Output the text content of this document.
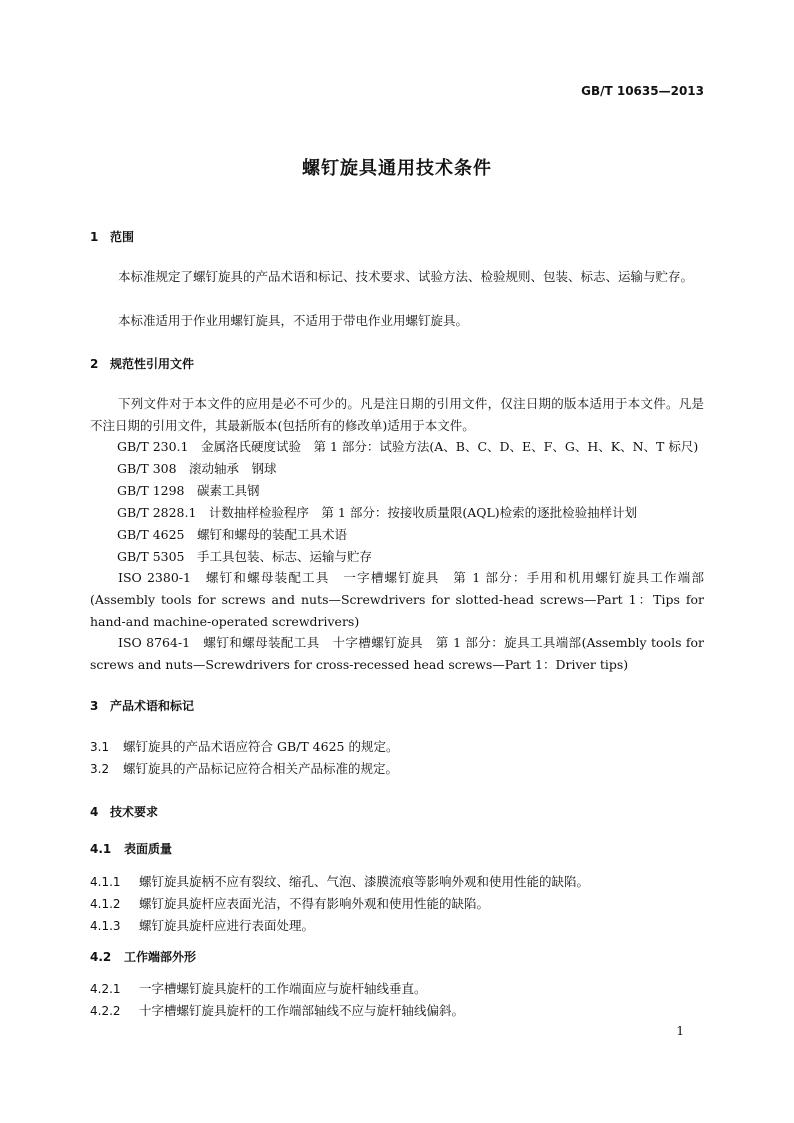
GB/T 10635—2013
螺钉旋具通用技术条件
1 范围
本标准规定了螺钉旋具的产品术语和标记、技术要求、试验方法、检验规则、包装、标志、运输与贮存。
本标准适用于作业用螺钉旋具，不适用于带电作业用螺钉旋具。
2 规范性引用文件
下列文件对于本文件的应用是必不可少的。凡是注日期的引用文件，仅注日期的版本适用于本文件。凡是不注日期的引用文件，其最新版本(包括所有的修改单)适用于本文件。
GB/T 230.1　金属洛氏硬度试验　第 1 部分：试验方法(A、B、C、D、E、F、G、H、K、N、T 标尺)
GB/T 308　滚动轴承　钢球
GB/T 1298　碳素工具钢
GB/T 2828.1　计数抽样检验程序　第 1 部分：按接收质量限(AQL)检索的逐批检验抽样计划
GB/T 4625　螺钉和螺母的装配工具术语
GB/T 5305　手工具包装、标志、运输与贮存
ISO 2380-1　螺钉和螺母装配工具　一字槽螺钉旋具　第 1 部分：手用和机用螺钉旋具工作端部(Assembly tools for screws and nuts—Screwdrivers for slotted-head screws—Part 1：Tips for hand-and machine-operated screwdrivers)
ISO 8764-1　螺钉和螺母装配工具　十字槽螺钉旋具　第 1 部分：旋具工具端部(Assembly tools for screws and nuts—Screwdrivers for cross-recessed head screws—Part 1：Driver tips)
3 产品术语和标记
3.1 螺钉旋具的产品术语应符合 GB/T 4625 的规定。
3.2 螺钉旋具的产品标记应符合相关产品标准的规定。
4 技术要求
4.1 表面质量
4.1.1 螺钉旋具旋柄不应有裂纹、缩孔、气泡、漆膜流痕等影响外观和使用性能的缺陷。
4.1.2 螺钉旋具旋杆应表面光洁，不得有影响外观和使用性能的缺陷。
4.1.3 螺钉旋具旋杆应进行表面处理。
4.2 工作端部外形
4.2.1 一字槽螺钉旋具旋杆的工作端面应与旋杆轴线垂直。
4.2.2 十字槽螺钉旋具旋杆的工作端部轴线不应与旋杆轴线偏斜。
1
